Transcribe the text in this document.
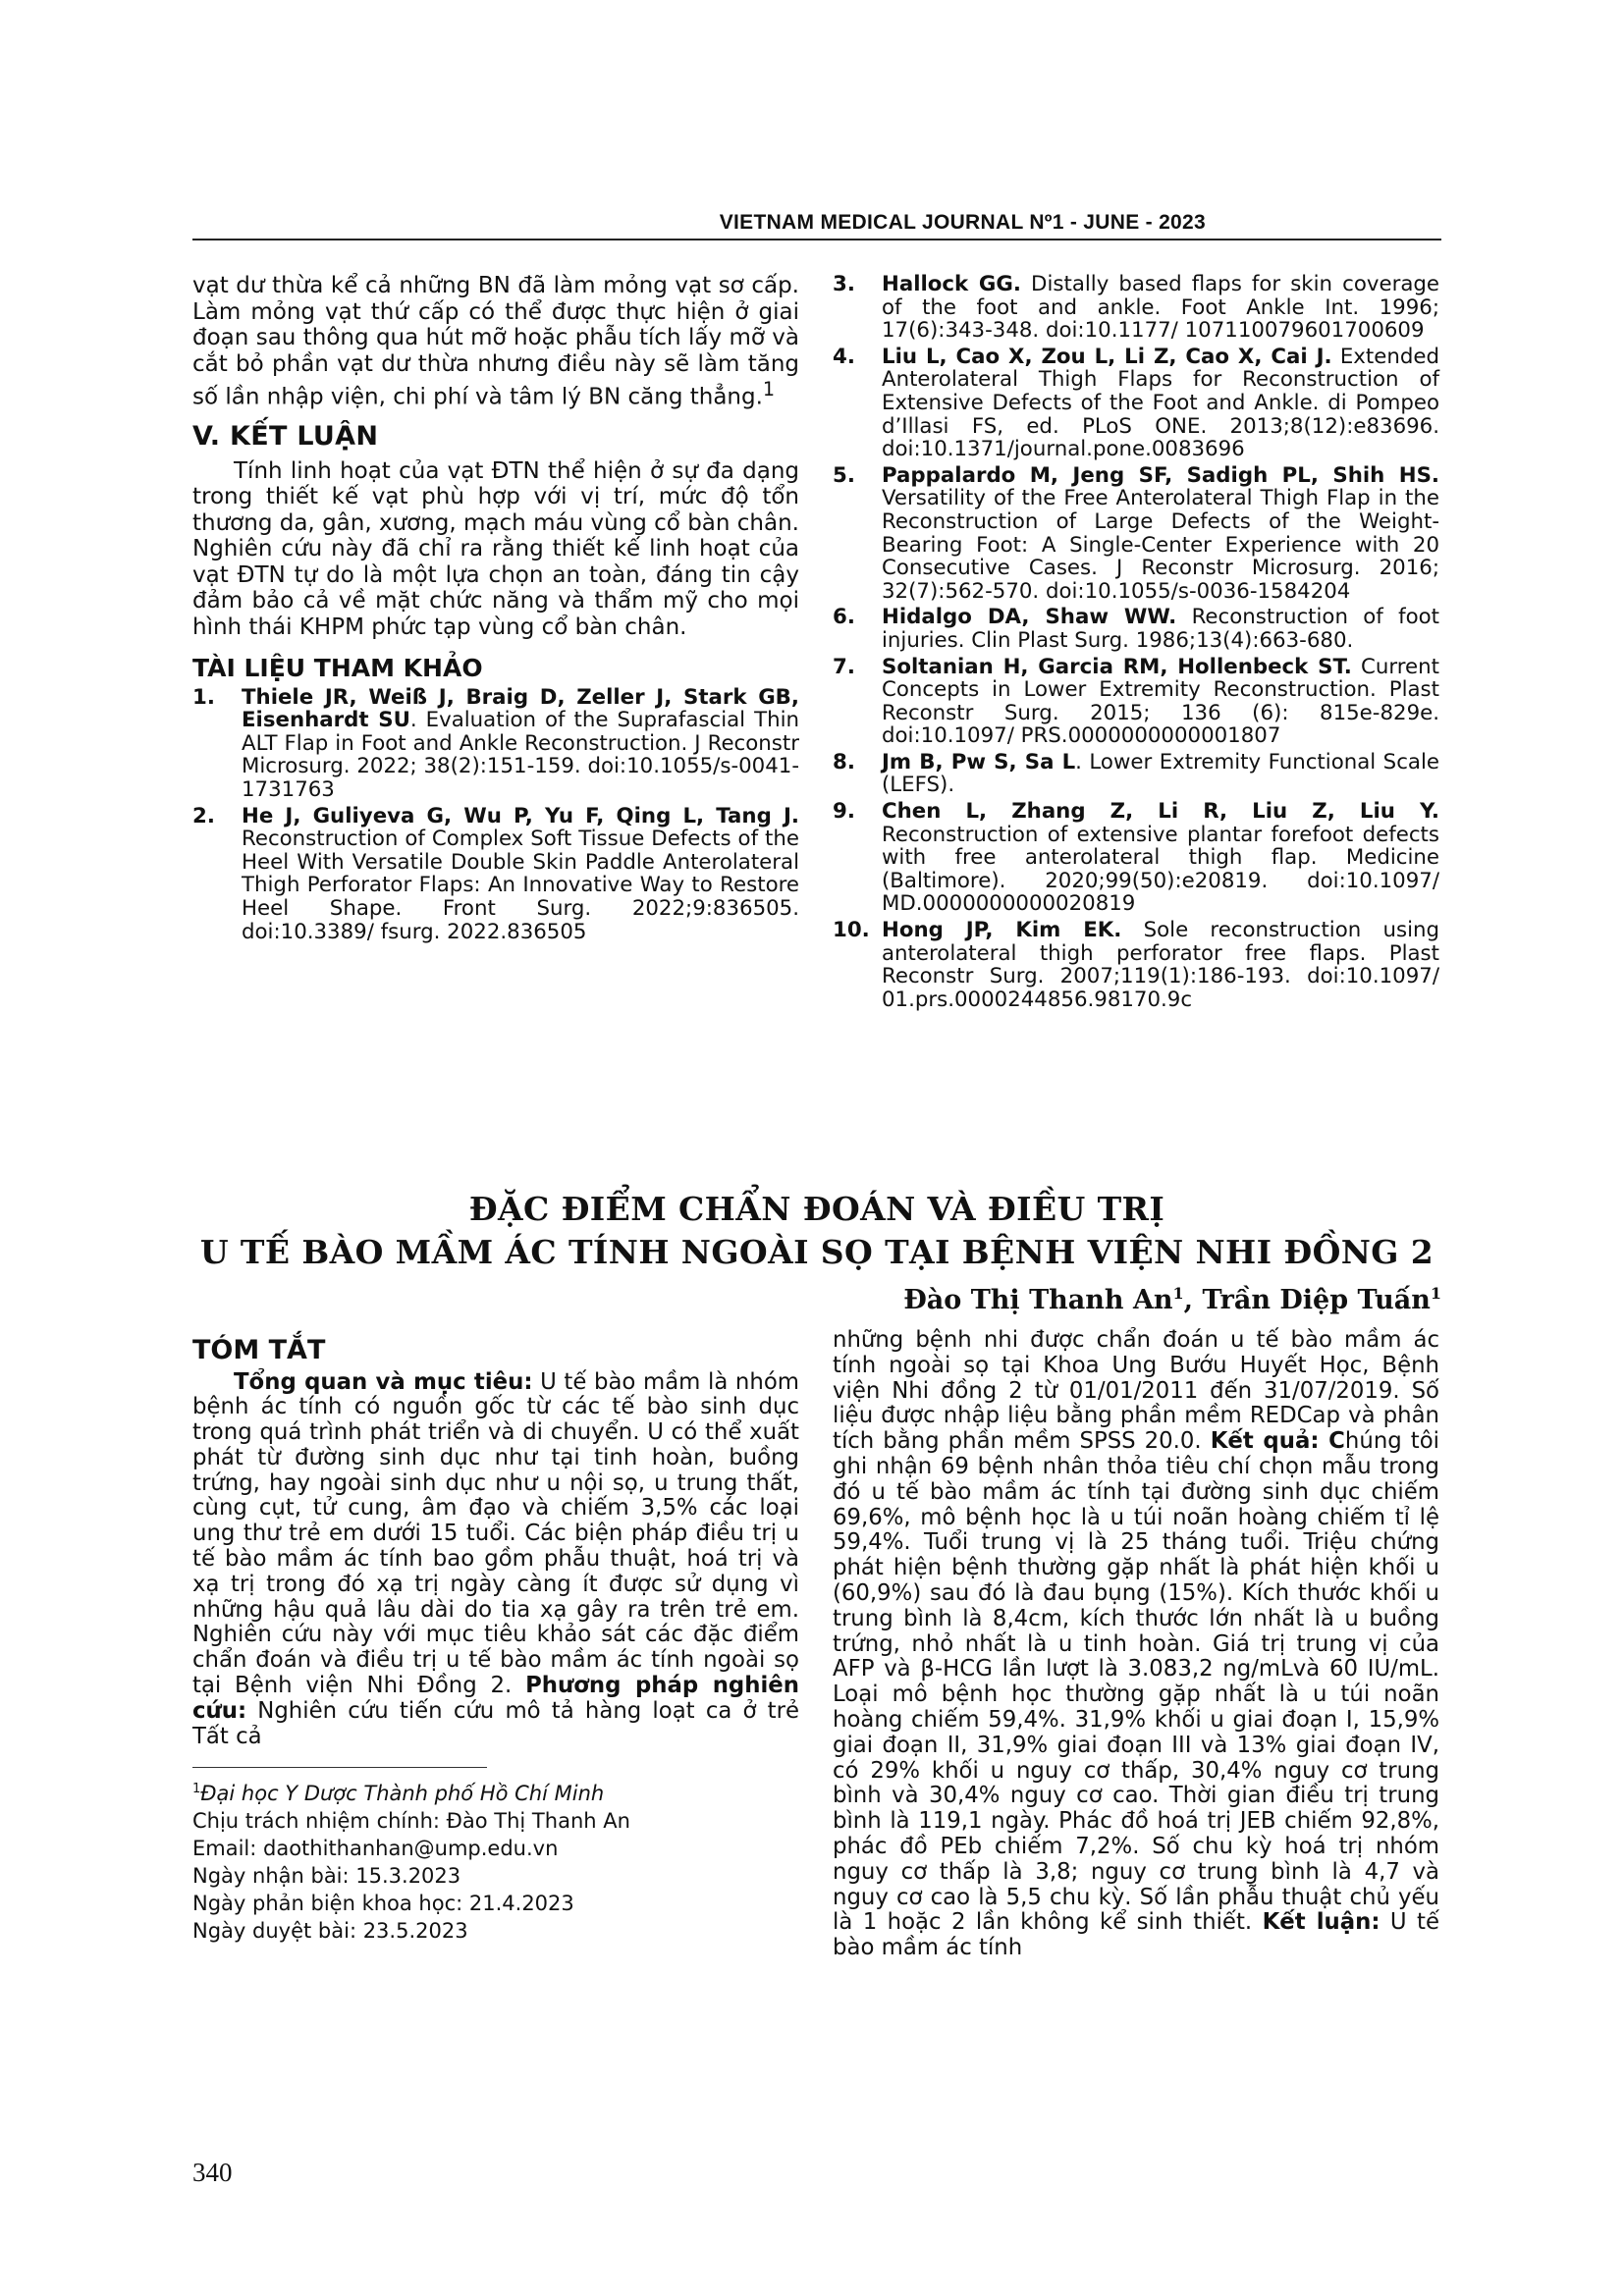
VIETNAM MEDICAL JOURNAL Nº1 - JUNE - 2023

vạt dư thừa kể cả những BN đã làm mỏng vạt sơ cấp. Làm mỏng vạt thứ cấp có thể được thực hiện ở giai đoạn sau thông qua hút mỡ hoặc phẫu tích lấy mỡ và cắt bỏ phần vạt dư thừa nhưng điều này sẽ làm tăng số lần nhập viện, chi phí và tâm lý BN căng thẳng.$^1$

V. KẾT LUẬN

Tính linh hoạt của vạt ĐTN thể hiện ở sự đa dạng trong thiết kế vạt phù hợp với vị trí, mức độ tổn thương da, gân, xương, mạch máu vùng cổ bàn chân. Nghiên cứu này đã chỉ ra rằng thiết kế linh hoạt của vạt ĐTN tự do là một lựa chọn an toàn, đáng tin cậy đảm bảo cả về mặt chức năng và thẩm mỹ cho mọi hình thái KHPM phức tạp vùng cổ bàn chân.

TÀI LIỆU THAM KHẢO
1. Thiele JR, Weiß J, Braig D, Zeller J, Stark GB, Eisenhardt SU. Evaluation of the Suprafascial Thin ALT Flap in Foot and Ankle Reconstruction. J Reconstr Microsurg. 2022; 38(2):151-159. doi:10.1055/s-0041-1731763
2. He J, Guliyeva G, Wu P, Yu F, Qing L, Tang J. Reconstruction of Complex Soft Tissue Defects of the Heel With Versatile Double Skin Paddle Anterolateral Thigh Perforator Flaps: An Innovative Way to Restore Heel Shape. Front Surg. 2022;9:836505. doi:10.3389/ fsurg. 2022.836505
3. Hallock GG. Distally based flaps for skin coverage of the foot and ankle. Foot Ankle Int. 1996; 17(6):343-348. doi:10.1177/ 107110079601700609
4. Liu L, Cao X, Zou L, Li Z, Cao X, Cai J. Extended Anterolateral Thigh Flaps for Reconstruction of Extensive Defects of the Foot and Ankle. di Pompeo d’Illasi FS, ed. PLoS ONE. 2013;8(12):e83696. doi:10.1371/journal.pone.0083696
5. Pappalardo M, Jeng SF, Sadigh PL, Shih HS. Versatility of the Free Anterolateral Thigh Flap in the Reconstruction of Large Defects of the Weight-Bearing Foot: A Single-Center Experience with 20 Consecutive Cases. J Reconstr Microsurg. 2016; 32(7):562-570. doi:10.1055/s-0036-1584204
6. Hidalgo DA, Shaw WW. Reconstruction of foot injuries. Clin Plast Surg. 1986;13(4):663-680.
7. Soltanian H, Garcia RM, Hollenbeck ST. Current Concepts in Lower Extremity Reconstruction. Plast Reconstr Surg. 2015; 136 (6): 815e-829e. doi:10.1097/ PRS.0000000000001807
8. Jm B, Pw S, Sa L. Lower Extremity Functional Scale (LEFS).
9. Chen L, Zhang Z, Li R, Liu Z, Liu Y. Reconstruction of extensive plantar forefoot defects with free anterolateral thigh flap. Medicine (Baltimore). 2020;99(50):e20819. doi:10.1097/ MD.0000000000020819
10. Hong JP, Kim EK. Sole reconstruction using anterolateral thigh perforator free flaps. Plast Reconstr Surg. 2007;119(1):186-193. doi:10.1097/ 01.prs.0000244856.98170.9c
ĐẶC ĐIỂM CHẨN ĐOÁN VÀ ĐIỀU TRỊ
U TẾ BÀO MẦM ÁC TÍNH NGOÀI SỌ TẠI BỆNH VIỆN NHI ĐỒNG 2
Đào Thị Thanh An$^1$, Trần Diệp Tuấn$^1$
TÓM TẮT

Tổng quan và mục tiêu: U tế bào mầm là nhóm bệnh ác tính có nguồn gốc từ các tế bào sinh dục trong quá trình phát triển và di chuyển. U có thể xuất phát từ đường sinh dục như tại tinh hoàn, buồng trứng, hay ngoài sinh dục như u nội sọ, u trung thất, cùng cụt, tử cung, âm đạo và chiếm 3,5% các loại ung thư trẻ em dưới 15 tuổi. Các biện pháp điều trị u tế bào mầm ác tính bao gồm phẫu thuật, hoá trị và xạ trị trong đó xạ trị ngày càng ít được sử dụng vì những hậu quả lâu dài do tia xạ gây ra trên trẻ em. Nghiên cứu này với mục tiêu khảo sát các đặc điểm chẩn đoán và điều trị u tế bào mầm ác tính ngoài sọ tại Bệnh viện Nhi Đồng 2. Phương pháp nghiên cứu: Nghiên cứu tiến cứu mô tả hàng loạt ca ở trẻ Tất cả

$^1$Đại học Y Dược Thành phố Hồ Chí Minh

Chịu trách nhiệm chính: Đào Thị Thanh An

Email: daothithanhan@ump.edu.vn

Ngày nhận bài: 15.3.2023

Ngày phản biện khoa học: 21.4.2023

Ngày duyệt bài: 23.5.2023

những bệnh nhi được chẩn đoán u tế bào mầm ác tính ngoài sọ tại Khoa Ung Bướu Huyết Học, Bệnh viện Nhi đồng 2 từ 01/01/2011 đến 31/07/2019. Số liệu được nhập liệu bằng phần mềm REDCap và phân tích bằng phần mềm SPSS 20.0. Kết quả: Chúng tôi ghi nhận 69 bệnh nhân thỏa tiêu chí chọn mẫu trong đó u tế bào mầm ác tính tại đường sinh dục chiếm 69,6%, mô bệnh học là u túi noãn hoàng chiếm tỉ lệ 59,4%. Tuổi trung vị là 25 tháng tuổi. Triệu chứng phát hiện bệnh thường gặp nhất là phát hiện khối u (60,9%) sau đó là đau bụng (15%). Kích thước khối u trung bình là 8,4cm, kích thước lớn nhất là u buồng trứng, nhỏ nhất là u tinh hoàn. Giá trị trung vị của AFP và β-HCG lần lượt là 3.083,2 ng/mLvà 60 IU/mL. Loại mô bệnh học thường gặp nhất là u túi noãn hoàng chiếm 59,4%. 31,9% khối u giai đoạn I, 15,9% giai đoạn II, 31,9% giai đoạn III và 13% giai đoạn IV, có 29% khối u nguy cơ thấp, 30,4% nguy cơ trung bình và 30,4% nguy cơ cao. Thời gian điều trị trung bình là 119,1 ngày. Phác đồ hoá trị JEB chiếm 92,8%, phác đồ PEb chiếm 7,2%. Số chu kỳ hoá trị nhóm nguy cơ thấp là 3,8; nguy cơ trung bình là 4,7 và nguy cơ cao là 5,5 chu kỳ. Số lần phẫu thuật chủ yếu là 1 hoặc 2 lần không kể sinh thiết. Kết luận: U tế bào mầm ác tính

340
